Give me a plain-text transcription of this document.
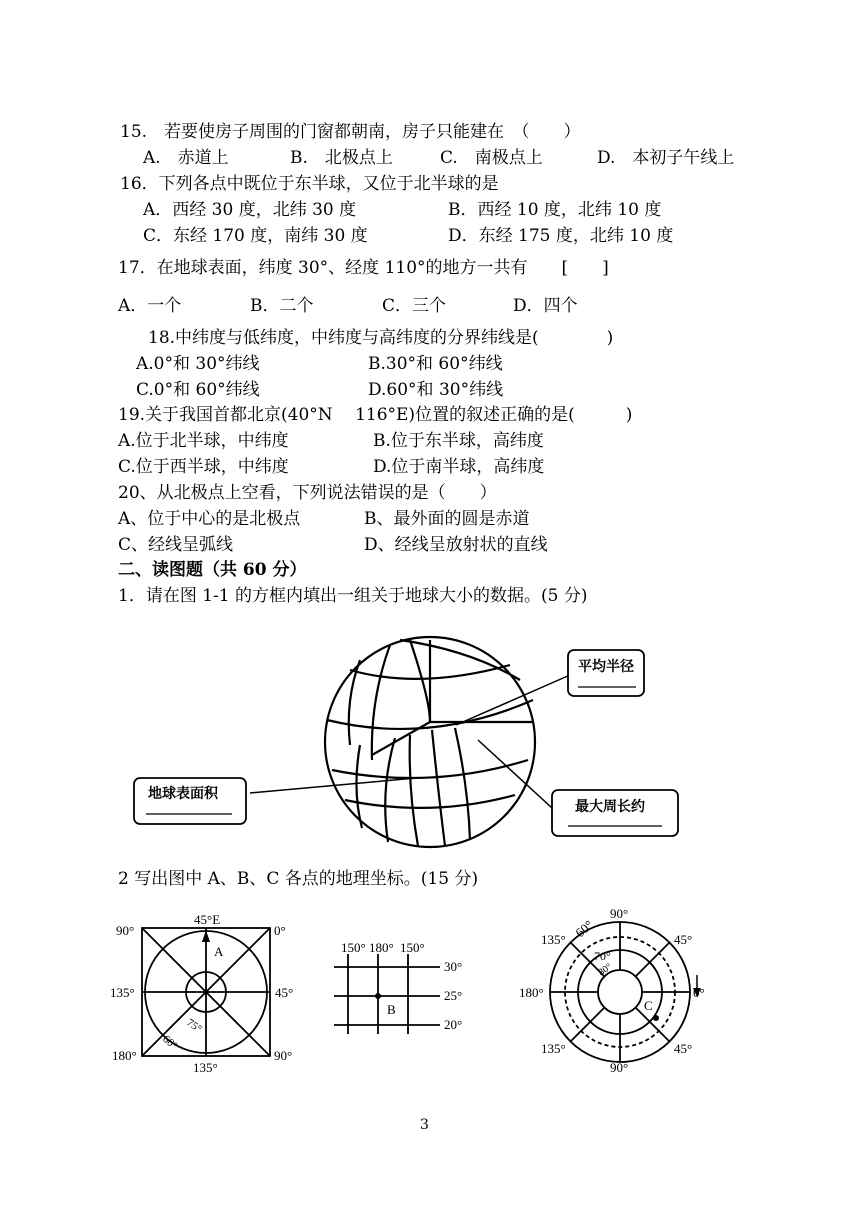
15.　若要使房子周围的门窗都朝南，房子只能建在　（　　）
A.　赤道上	B.　北极点上	C.　南极点上	D.　本初子午线上
16．下列各点中既位于东半球，又位于北半球的是
A．西经 30 度，北纬 30 度	B．西经 10 度，北纬 10 度
C．东经 170 度，南纬 30 度	D．东经 175 度，北纬 10 度
17．在地球表面，纬度 30°、经度 110°的地方一共有　　[　　]
A．一个	B．二个	C．三个	D．四个
18.中纬度与低纬度，中纬度与高纬度的分界纬线是(　　　　)
A.0°和 30°纬线	B.30°和 60°纬线
C.0°和 60°纬线	D.60°和 30°纬线
19.关于我国首都北京(40°N　 116°E)位置的叙述正确的是(　　　)
A.位于北半球，中纬度	B.位于东半球，高纬度
C.位于西半球，中纬度	D.位于南半球，高纬度
20、从北极点上空看，下列说法错误的是（　　）
A、位于中心的是北极点	B、最外面的圆是赤道
C、经线呈弧线	D、经线呈放射状的直线
二、读图题（共 60 分）
1．请在图 1-1 的方框内填出一组关于地球大小的数据。(5 分)
平均半径
地球表面积
最大周长约
2 写出图中 A、B、C 各点的地理坐标。(15 分)
45°E
90°	0°
135°	45°
180°	90°
135°
A
75°
60°
150° 180° 150°
30°
25°
20°
B
90°
135°	45°
180°	0°
135°	45°
90°
60°
70°
80°
C
3
